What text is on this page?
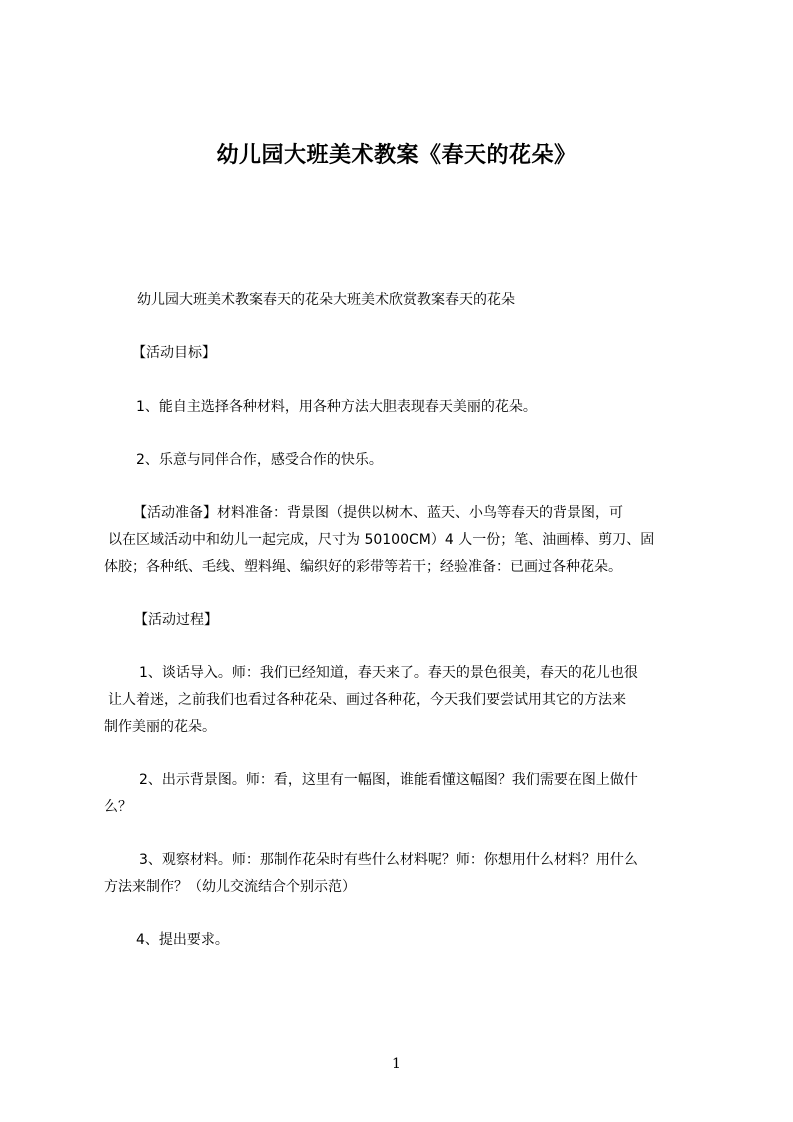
幼儿园大班美术教案《春天的花朵》
幼儿园大班美术教案春天的花朵大班美术欣赏教案春天的花朵
【活动目标】
1、能自主选择各种材料，用各种方法大胆表现春天美丽的花朵。
2、乐意与同伴合作，感受合作的快乐。
【活动准备】材料准备：背景图（提供以树木、蓝天、小鸟等春天的背景图，可
以在区域活动中和幼儿一起完成，尺寸为 50100CM）4 人一份；笔、油画棒、剪刀、固
体胶；各种纸、毛线、塑料绳、编织好的彩带等若干；经验准备：已画过各种花朵。
【活动过程】
1、谈话导入。师：我们已经知道，春天来了。春天的景色很美，春天的花儿也很
让人着迷，之前我们也看过各种花朵、画过各种花，今天我们要尝试用其它的方法来
制作美丽的花朵。
2、出示背景图。师：看，这里有一幅图，谁能看懂这幅图？我们需要在图上做什
么？
3、观察材料。师：那制作花朵时有些什么材料呢？师：你想用什么材料？用什么
方法来制作？（幼儿交流结合个别示范）
4、提出要求。
1
